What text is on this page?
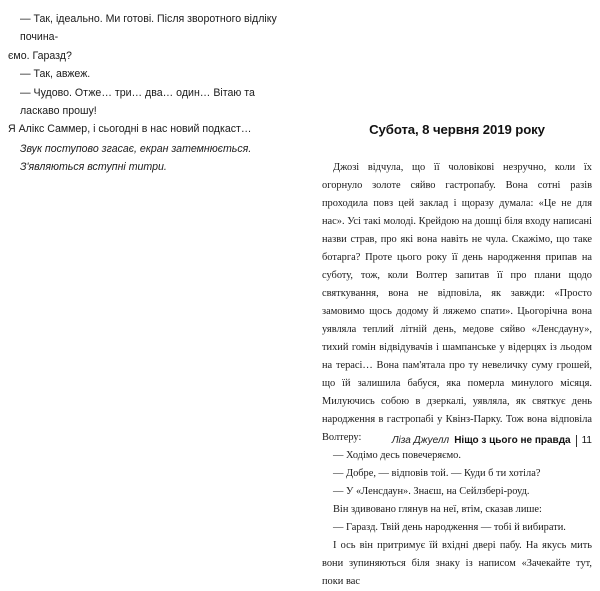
— Так, ідеально. Ми готові. Після зворотного відліку почина-

ємо. Гаразд?

— Так, авжеж.

— Чудово. Отже… три… два… один… Вітаю та ласкаво прошу!

Я Алікс Саммер, і сьогодні в нас новий подкаст…

Звук поступово згасає, екран затемнюється. З'являються вступні титри.

Субота, 8 червня 2019 року

Джозі відчула, що її чоловікові незручно, коли їх огорнуло золоте сяйво гастропабу. Вона сотні разів проходила повз цей заклад і щоразу думала: «Це не для нас». Усі такі молоді. Крейдою на дошці біля входу написані назви страв, про які вона навіть не чула. Скажімо, що таке ботарга? Проте цього року її день народження припав на суботу, тож, коли Волтер запитав її про плани щодо святкування, вона не відповіла, як завжди: «Просто замовимо щось додому й ляжемо спати». Цьогорічна вона уявляла теплий літній день, медове сяйво «Ленсдауну», тихий гомін відвідувачів і шампанське у відерцях із льодом на терасі… Вона пам'ятала про ту невеличку суму грошей, що їй залишила бабуся, яка померла минулого місяця. Милуючись собою в дзеркалі, уявляла, як святкує день народження в гастропабі у Квінз-Парку. Тож вона відповіла Волтеру:

— Ходімо десь повечеряємо.

— Добре, — відповів той. — Куди б ти хотіла?

— У «Ленсдаун». Знаєш, на Сейлзбері-роуд.

Він здивовано глянув на неї, втім, сказав лише:

— Гаразд. Твій день народження — тобі й вибирати.

І ось він притримує їй вхідні двері пабу. На якусь мить вони зупиняються біля знаку із написом «Зачекайте тут, поки вас

Ліза Джуелл Ніщо з цього не правда 11
